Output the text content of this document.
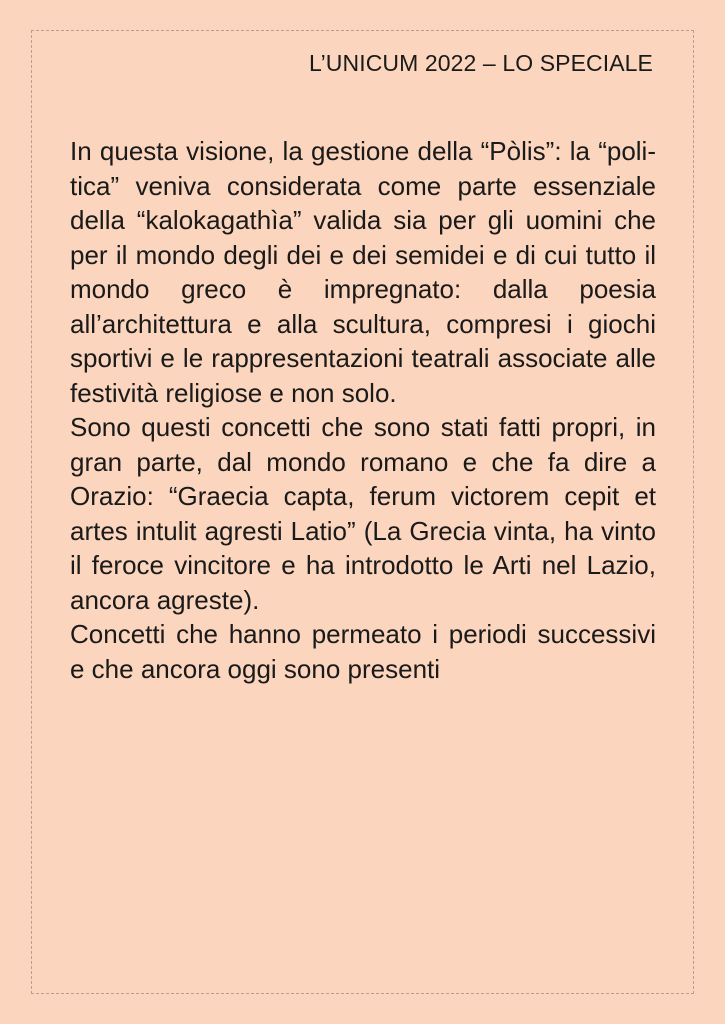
L’UNICUM 2022 – LO SPECIALE

In questa visione, la gestione della “Pòlis”: la “poli-tica” veniva considerata come parte essenziale della “kalokagathìa” valida sia per gli uomini che per il mondo degli dei e dei semidei e di cui tutto il mondo greco è impregnato: dalla poesia all’architettura e alla scultura, compresi i giochi sportivi e le rappresentazioni teatrali associate alle festività religiose e non solo.

Sono questi concetti che sono stati fatti propri, in gran parte, dal mondo romano e che fa dire a Orazio: “Graecia capta, ferum victorem cepit et artes intulit agresti Latio” (La Grecia vinta, ha vinto il feroce vincitore e ha introdotto le Arti nel Lazio, ancora agreste).

Concetti che hanno permeato i periodi successivi e che ancora oggi sono presenti
